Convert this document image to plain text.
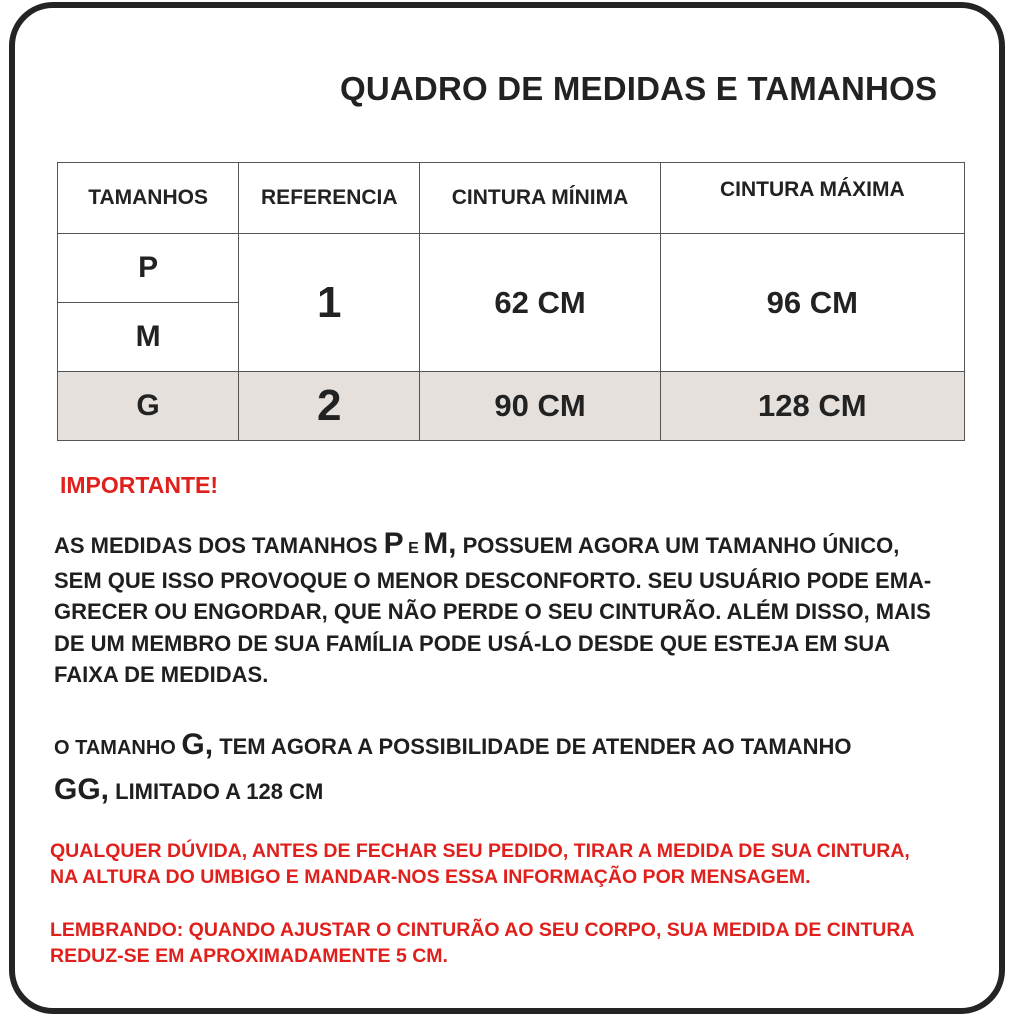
QUADRO DE MEDIDAS E TAMANHOS
TAMANHOS	REFERENCIA	CINTURA MÍNIMA	CINTURA MÁXIMA
P	1	62 CM	96 CM
M			
G	2	90 CM	128 CM
IMPORTANTE!
AS MEDIDAS DOS TAMANHOS P E M, POSSUEM AGORA UM TAMANHO ÚNICO,
SEM QUE ISSO PROVOQUE O MENOR DESCONFORTO. SEU USUÁRIO PODE EMA-
GRECER OU ENGORDAR, QUE NÃO PERDE O SEU CINTURÃO. ALÉM DISSO, MAIS
DE UM MEMBRO DE SUA FAMÍLIA PODE USÁ-LO DESDE QUE ESTEJA EM SUA
FAIXA DE MEDIDAS.
O TAMANHO G, TEM AGORA A POSSIBILIDADE DE ATENDER AO TAMANHO
GG, LIMITADO A 128 CM
QUALQUER DÚVIDA, ANTES DE FECHAR SEU PEDIDO, TIRAR A MEDIDA DE SUA CINTURA,
NA ALTURA DO UMBIGO E MANDAR-NOS ESSA INFORMAÇÃO POR MENSAGEM.
LEMBRANDO: QUANDO AJUSTAR O CINTURÃO AO SEU CORPO, SUA MEDIDA DE CINTURA
REDUZ-SE EM APROXIMADAMENTE 5 CM.
